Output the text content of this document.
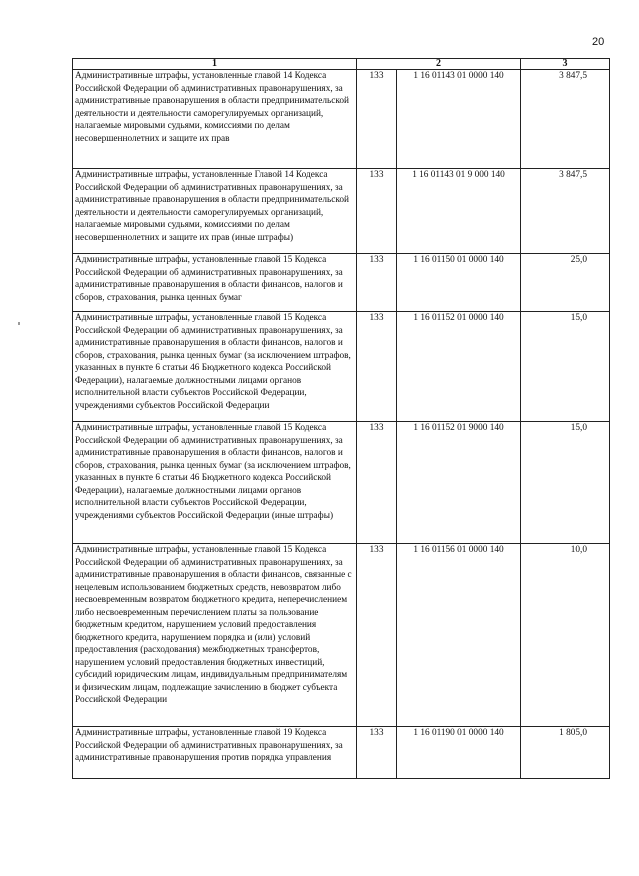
20
1	2		3
Административные штрафы, установленные главой 14 Кодекса Российской Федерации об административных правонарушениях, за административные правонарушения в области предпринимательской деятельности и деятельности саморегулируемых организаций, налагаемые мировыми судьями, комиссиями по делам несовершеннолетних и защите их прав	133	1 16 01143 01 0000 140	3 847,5
Административные штрафы, установленные Главой 14 Кодекса Российской Федерации об административных правонарушениях, за административные правонарушения в области предпринимательской деятельности и деятельности саморегулируемых организаций, налагаемые мировыми судьями, комиссиями по делам несовершеннолетних и защите их прав (иные штрафы)	133	1 16 01143 01 9 000 140	3 847,5
Административные штрафы, установленные главой 15 Кодекса Российской Федерации об административных правонарушениях, за административные правонарушения в области финансов, налогов и сборов, страхования, рынка ценных бумаг	133	1 16 01150 01 0000 140	25,0
Административные штрафы, установленные главой 15 Кодекса Российской Федерации об административных правонарушениях, за административные правонарушения в области финансов, налогов и сборов, страхования, рынка ценных бумаг (за исключением штрафов, указанных в пункте 6 статьи 46 Бюджетного кодекса Российской Федерации), налагаемые должностными лицами органов исполнительной власти субъектов Российской Федерации, учреждениями субъектов Российской Федерации	133	1 16 01152 01 0000 140	15,0
Административные штрафы, установленные главой 15 Кодекса Российской Федерации об административных правонарушениях, за административные правонарушения в области финансов, налогов и сборов, страхования, рынка ценных бумаг (за исключением штрафов, указанных в пункте 6 статьи 46 Бюджетного кодекса Российской Федерации), налагаемые должностными лицами органов исполнительной власти субъектов Российской Федерации, учреждениями субъектов Российской Федерации (иные штрафы)	133	1 16 01152 01 9000 140	15,0
Административные штрафы, установленные главой 15 Кодекса Российской Федерации об административных правонарушениях, за административные правонарушения в области финансов, связанные с нецелевым использованием бюджетных средств, невозвратом либо несвоевременным возвратом бюджетного кредита, неперечислением либо несвоевременным перечислением платы за пользование бюджетным кредитом, нарушением условий предоставления бюджетного кредита, нарушением порядка и (или) условий предоставления (расходования) межбюджетных трансфертов, нарушением условий предоставления бюджетных инвестиций, субсидий юридическим лицам, индивидуальным предпринимателям и физическим лицам, подлежащие зачислению в бюджет субъекта Российской Федерации	133	1 16 01156 01 0000 140	10,0
Административные штрафы, установленные главой 19 Кодекса Российской Федерации об административных правонарушениях, за административные правонарушения против порядка управления	133	1 16 01190 01 0000 140	1 805,0
